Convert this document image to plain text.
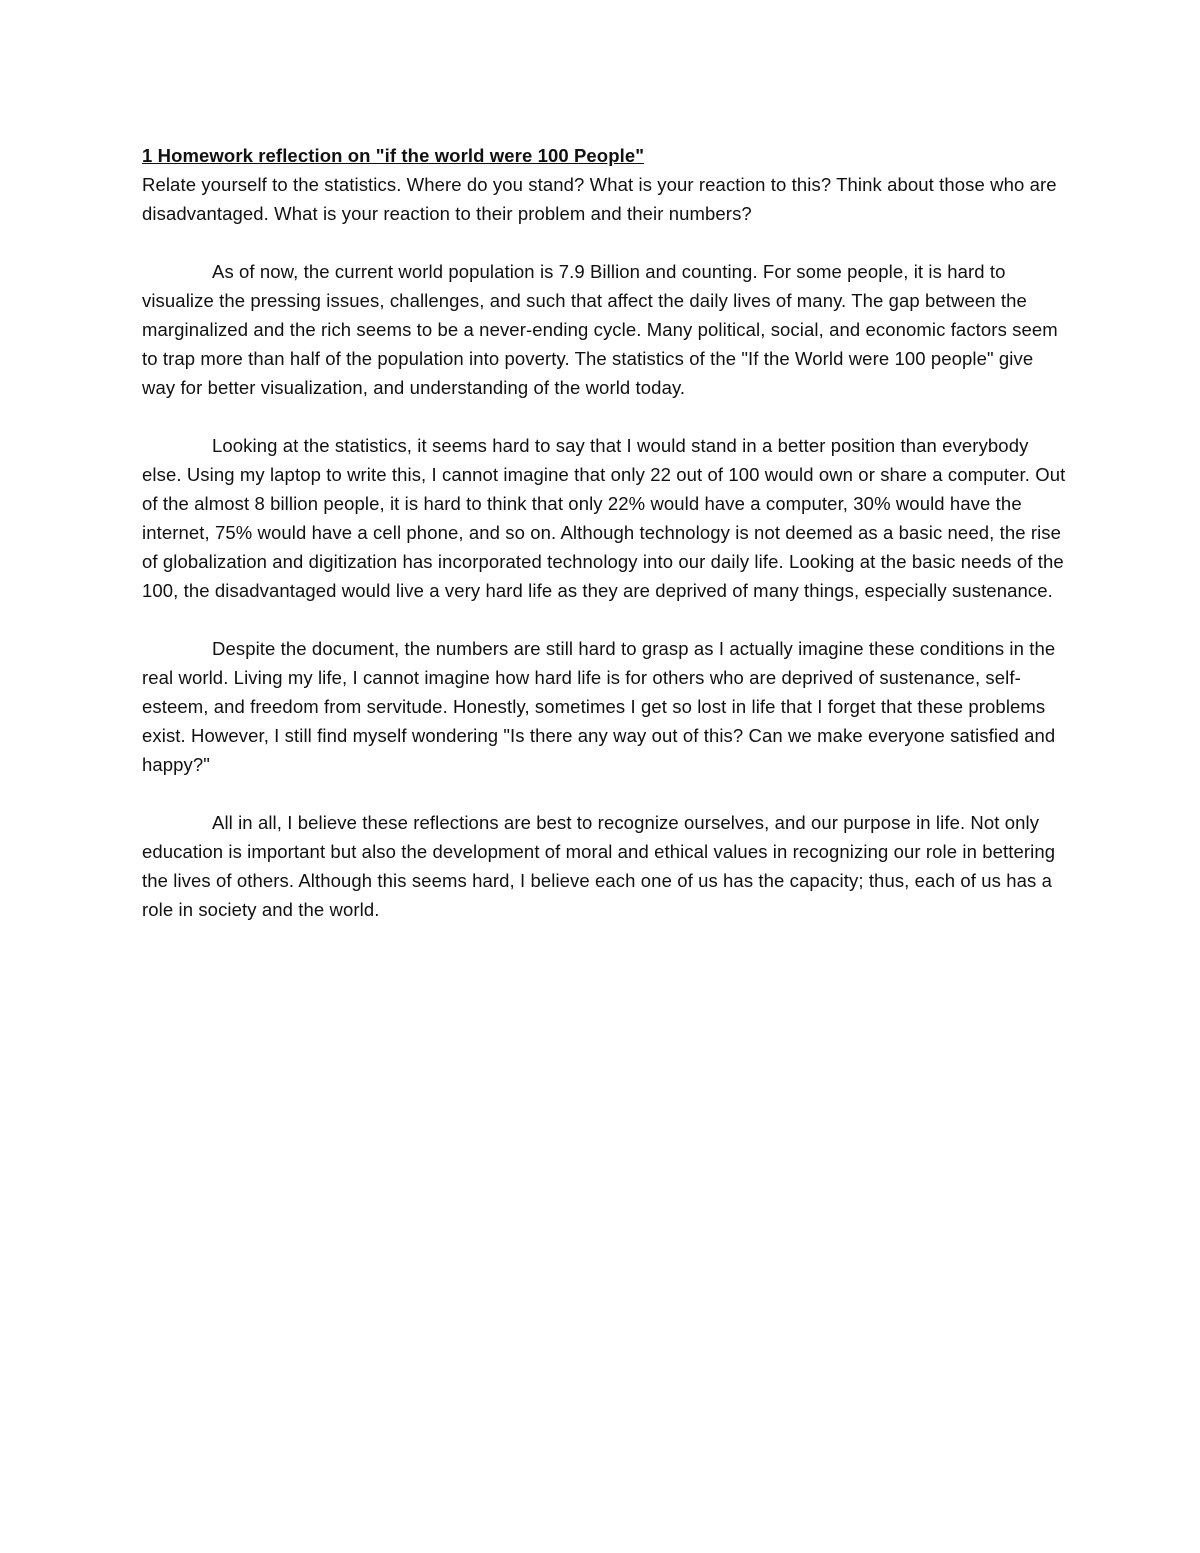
1 Homework reflection on "if the world were 100 People"

Relate yourself to the statistics. Where do you stand? What is your reaction to this? Think about those who are disadvantaged. What is your reaction to their problem and their numbers?

As of now, the current world population is 7.9 Billion and counting. For some people, it is hard to visualize the pressing issues, challenges, and such that affect the daily lives of many. The gap between the marginalized and the rich seems to be a never-ending cycle. Many political, social, and economic factors seem to trap more than half of the population into poverty. The statistics of the "If the World were 100 people" give way for better visualization, and understanding of the world today.

Looking at the statistics, it seems hard to say that I would stand in a better position than everybody else. Using my laptop to write this, I cannot imagine that only 22 out of 100 would own or share a computer. Out of the almost 8 billion people, it is hard to think that only 22% would have a computer, 30% would have the internet, 75% would have a cell phone, and so on. Although technology is not deemed as a basic need, the rise of globalization and digitization has incorporated technology into our daily life. Looking at the basic needs of the 100, the disadvantaged would live a very hard life as they are deprived of many things, especially sustenance.

Despite the document, the numbers are still hard to grasp as I actually imagine these conditions in the real world. Living my life, I cannot imagine how hard life is for others who are deprived of sustenance, self-esteem, and freedom from servitude. Honestly, sometimes I get so lost in life that I forget that these problems exist. However, I still find myself wondering "Is there any way out of this? Can we make everyone satisfied and happy?"

All in all, I believe these reflections are best to recognize ourselves, and our purpose in life. Not only education is important but also the development of moral and ethical values in recognizing our role in bettering the lives of others. Although this seems hard, I believe each one of us has the capacity; thus, each of us has a role in society and the world.
